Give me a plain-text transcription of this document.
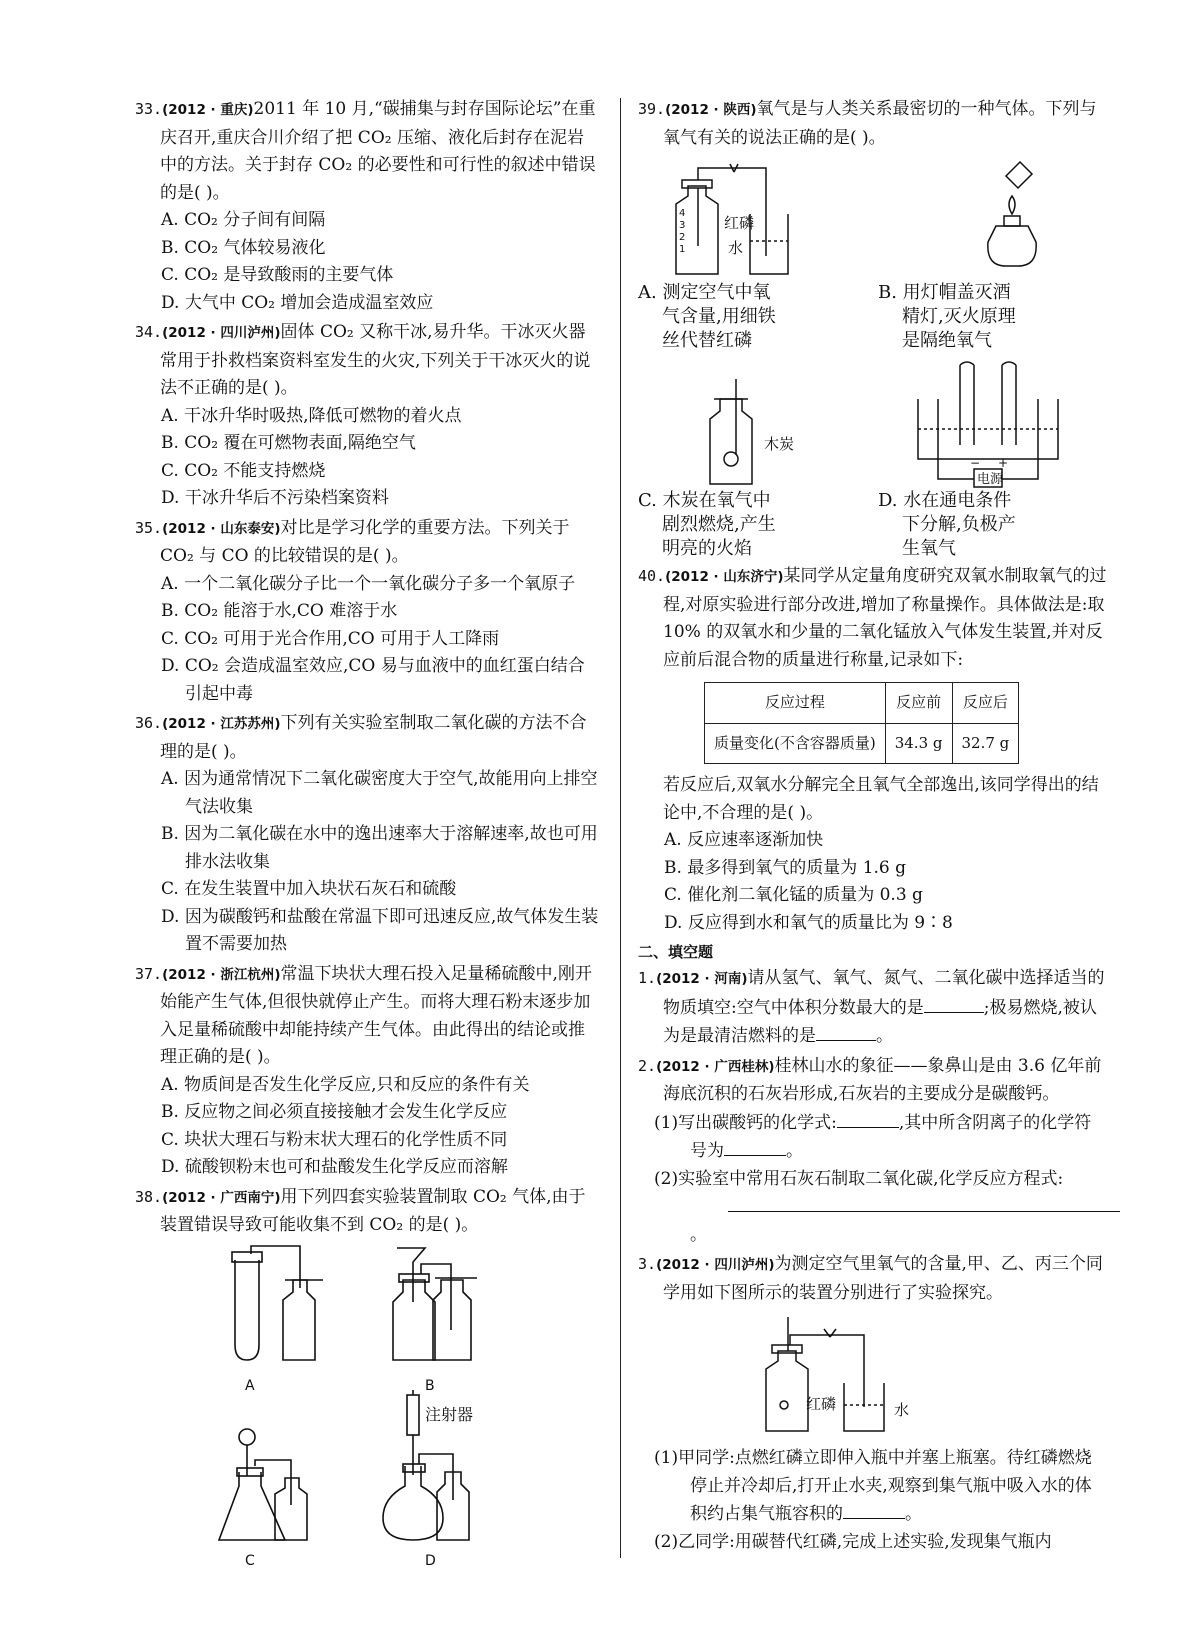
33.(2012 · 重庆)2011 年 10 月,“碳捕集与封存国际论坛”在重庆召开,重庆合川介绍了把 CO₂ 压缩、液化后封存在泥岩中的方法。关于封存 CO₂ 的必要性和可行性的叙述中错误的是( )。
A. CO₂ 分子间有间隔
B. CO₂ 气体较易液化
C. CO₂ 是导致酸雨的主要气体
D. 大气中 CO₂ 增加会造成温室效应
34.(2012 · 四川泸州)固体 CO₂ 又称干冰,易升华。干冰灭火器常用于扑救档案资料室发生的火灾,下列关于干冰灭火的说法不正确的是( )。
A. 干冰升华时吸热,降低可燃物的着火点
B. CO₂ 覆在可燃物表面,隔绝空气
C. CO₂ 不能支持燃烧
D. 干冰升华后不污染档案资料
35.(2012 · 山东泰安)对比是学习化学的重要方法。下列关于 CO₂ 与 CO 的比较错误的是( )。
A. 一个二氧化碳分子比一个一氧化碳分子多一个氧原子
B. CO₂ 能溶于水,CO 难溶于水
C. CO₂ 可用于光合作用,CO 可用于人工降雨
D. CO₂ 会造成温室效应,CO 易与血液中的血红蛋白结合引起中毒
36.(2012 · 江苏苏州)下列有关实验室制取二氧化碳的方法不合理的是( )。
A. 因为通常情况下二氧化碳密度大于空气,故能用向上排空气法收集
B. 因为二氧化碳在水中的逸出速率大于溶解速率,故也可用排水法收集
C. 在发生装置中加入块状石灰石和硫酸
D. 因为碳酸钙和盐酸在常温下即可迅速反应,故气体发生装置不需要加热
37.(2012 · 浙江杭州)常温下块状大理石投入足量稀硫酸中,刚开始能产生气体,但很快就停止产生。而将大理石粉末逐步加入足量稀硫酸中却能持续产生气体。由此得出的结论或推理正确的是( )。
A. 物质间是否发生化学反应,只和反应的条件有关
B. 反应物之间必须直接接触才会发生化学反应
C. 块状大理石与粉末状大理石的化学性质不同
D. 硫酸钡粉末也可和盐酸发生化学反应而溶解
38.(2012 · 广西南宁)用下列四套实验装置制取 CO₂ 气体,由于装置错误导致可能收集不到 CO₂ 的是( )。
A	B
C	D
注射器
39.(2012 · 陕西)氧气是与人类关系最密切的一种气体。下列与氧气有关的说法正确的是( )。
4
3
2
1
红磷
水
A. 测定空气中氧
气含量,用细铁
丝代替红磷
B. 用灯帽盖灭酒
精灯,灭火原理
是隔绝氧气
木炭
C. 木炭在氧气中
剧烈燃烧,产生
明亮的火焰
电源
− +
D. 水在通电条件
下分解,负极产
生氧气
40.(2012 · 山东济宁)某同学从定量角度研究双氧水制取氧气的过程,对原实验进行部分改进,增加了称量操作。具体做法是:取 10% 的双氧水和少量的二氧化锰放入气体发生装置,并对反应前后混合物的质量进行称量,记录如下:
反应过程	反应前	反应后
质量变化(不含容器质量)	34.3 g	32.7 g
若反应后,双氧水分解完全且氧气全部逸出,该同学得出的结论中,不合理的是( )。
A. 反应速率逐渐加快
B. 最多得到氧气的质量为 1.6 g
C. 催化剂二氧化锰的质量为 0.3 g
D. 反应得到水和氧气的质量比为 9∶8
二、填空题
1.(2012 · 河南)请从氢气、氧气、氮气、二氧化碳中选择适当的物质填空:空气中体积分数最大的是	;极易燃烧,被认为是最清洁燃料的是	。
2.(2012 · 广西桂林)桂林山水的象征——象鼻山是由 3.6 亿年前海底沉积的石灰岩形成,石灰岩的主要成分是碳酸钙。
(1)写出碳酸钙的化学式:	,其中所含阴离子的化学符号为	。
(2)实验室中常用石灰石制取二氧化碳,化学反应方程式:
。
3.(2012 · 四川泸州)为测定空气里氧气的含量,甲、乙、丙三个同学用如下图所示的装置分别进行了实验探究。
红磷	水
(1)甲同学:点燃红磷立即伸入瓶中并塞上瓶塞。待红磷燃烧停止并冷却后,打开止水夹,观察到集气瓶中吸入水的体积约占集气瓶容积的	。
(2)乙同学:用碳替代红磷,完成上述实验,发现集气瓶内
